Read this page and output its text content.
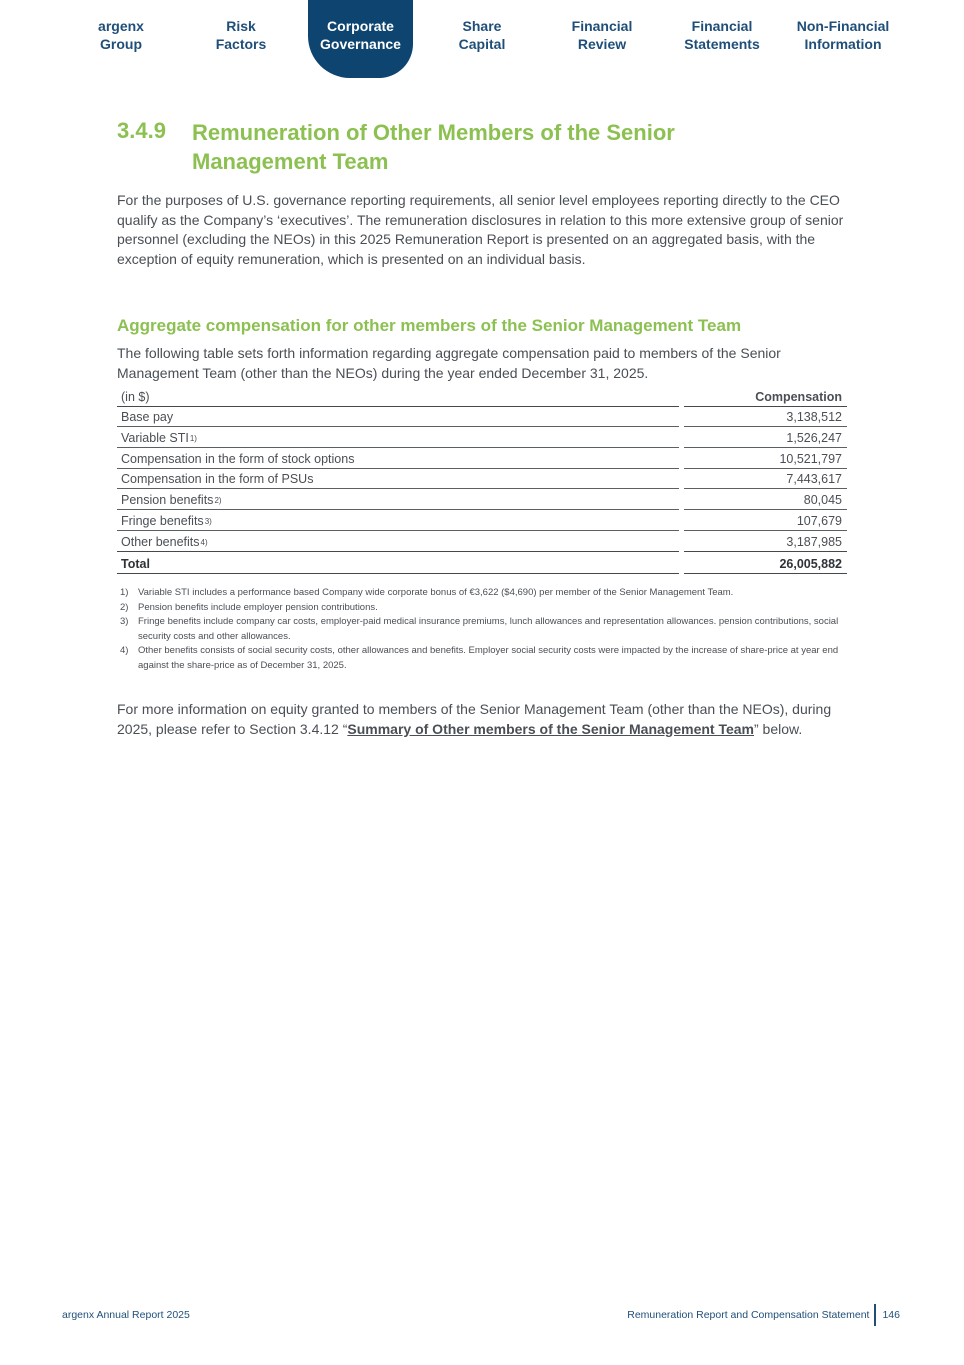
argenx
Group
Risk
Factors
Corporate
Governance
Share
Capital
Financial
Review
Financial
Statements
Non-Financial
Information
3.4.9 Remuneration of Other Members of the Senior Management Team

For the purposes of U.S. governance reporting requirements, all senior level employees reporting directly to the CEO qualify as the Company’s ‘executives’. The remuneration disclosures in relation to this more extensive group of senior personnel (excluding the NEOs) in this 2025 Remuneration Report is presented on an aggregated basis, with the exception of equity remuneration, which is presented on an individual basis.

Aggregate compensation for other members of the Senior Management Team

The following table sets forth information regarding aggregate compensation paid to members of the Senior Management Team (other than the NEOs) during the year ended December 31, 2025.

(in $)	Compensation
Base pay	3,138,512
Variable STI$^{1)}$	1,526,247
Compensation in the form of stock options	10,521,797
Compensation in the form of PSUs	7,443,617
Pension benefits$^{2)}$	80,045
Fringe benefits$^{3)}$	107,679
Other benefits$^{4)}$	3,187,985
Total	26,005,882
1)	Variable STI includes a performance based Company wide corporate bonus of €3,622 ($4,690) per member of the Senior Management Team.
2)	Pension benefits include employer pension contributions.
3)	Fringe benefits include company car costs, employer-paid medical insurance premiums, lunch allowances and representation allowances. pension contributions, social security costs and other allowances.
4)	Other benefits consists of social security costs, other allowances and benefits. Employer social security costs were impacted by the increase of share-price at year end against the share-price as of December 31, 2025.

For more information on equity granted to members of the Senior Management Team (other than the NEOs), during 2025, please refer to Section 3.4.12 “Summary of Other members of the Senior Management Team” below.

argenx Annual Report 2025	Remuneration Report and Compensation Statement 146
